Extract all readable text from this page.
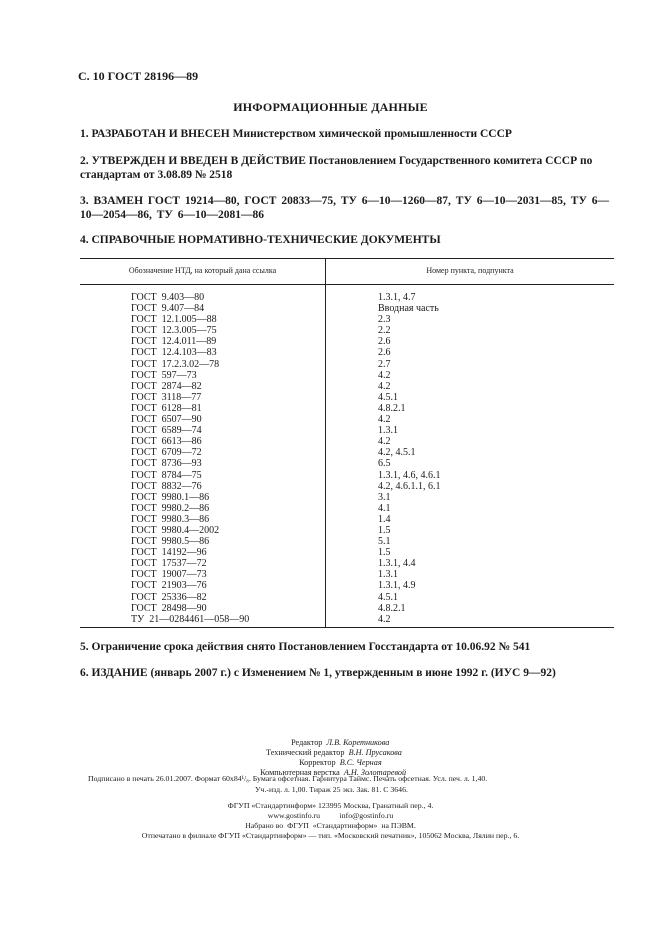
С. 10 ГОСТ 28196—89
ИНФОРМАЦИОННЫЕ ДАННЫЕ
1. РАЗРАБОТАН И ВНЕСЕН Министерством химической промышленности СССР
2. УТВЕРЖДЕН И ВВЕДЕН В ДЕЙСТВИЕ Постановлением Государственного комитета СССР по стандартам от 3.08.89 № 2518
3. ВЗАМЕН ГОСТ 19214—80, ГОСТ 20833—75, ТУ 6—10—1260—87, ТУ 6—10—2031—85, ТУ 6—10—2054—86, ТУ 6—10—2081—86
4. СПРАВОЧНЫЕ НОРМАТИВНО-ТЕХНИЧЕСКИЕ ДОКУМЕНТЫ
Обозначение НТД, на который дана ссылка	Номер пункта, подпункта
ГОСТ  9.403—80
ГОСТ  9.407—84
ГОСТ  12.1.005—88
ГОСТ  12.3.005—75
ГОСТ  12.4.011—89
ГОСТ  12.4.103—83
ГОСТ  17.2.3.02—78
ГОСТ  597—73
ГОСТ  2874—82
ГОСТ  3118—77
ГОСТ  6128—81
ГОСТ  6507—90
ГОСТ  6589—74
ГОСТ  6613—86
ГОСТ  6709—72
ГОСТ  8736—93
ГОСТ  8784—75
ГОСТ  8832—76
ГОСТ  9980.1—86
ГОСТ  9980.2—86
ГОСТ  9980.3—86
ГОСТ  9980.4—2002
ГОСТ  9980.5—86
ГОСТ  14192—96
ГОСТ  17537—72
ГОСТ  19007—73
ГОСТ  21903—76
ГОСТ  25336—82
ГОСТ  28498—90
ТУ  21—0284461—058—90
1.3.1, 4.7
Вводная часть
2.3
2.2
2.6
2.6
2.7
4.2
4.2
4.5.1
4.8.2.1
4.2
1.3.1
4.2
4.2, 4.5.1
6.5
1.3.1, 4.6, 4.6.1
4.2, 4.6.1.1, 6.1
3.1
4.1
1.4
1.5
5.1
1.5
1.3.1, 4.4
1.3.1
1.3.1, 4.9
4.5.1
4.8.2.1
4.2
5. Ограничение срока действия снято Постановлением Госстандарта от 10.06.92 № 541
6. ИЗДАНИЕ (январь 2007 г.) с Изменением № 1, утвержденным в июне 1992 г. (ИУС 9—92)

Редактор Л.В. Коретникова

Технический редактор В.Н. Прусакова

Корректор В.С. Черная

Компьютерная верстка А.Н. Золотаревой

Подписано в печать 26.01.2007. Формат 60x84¹/₈. Бумага офсетная. Гарнитура Таймс. Печать офсетная. Усл. печ. л. 1,40.
Уч.-изд. л. 1,00. Тираж 25 экз. Зак. 81. С 3646.
ФГУП «Стандартинформ» 123995 Москва, Гранатный пер., 4.
www.gostinfo.ru          info@gostinfo.ru
Набрано во  ФГУП  «Стандартинформ»  на ПЭВМ.
Отпечатано в филиале ФГУП «Стандартинформ» — тип. «Московский печатник», 105062 Москва, Лялин пер., 6.
